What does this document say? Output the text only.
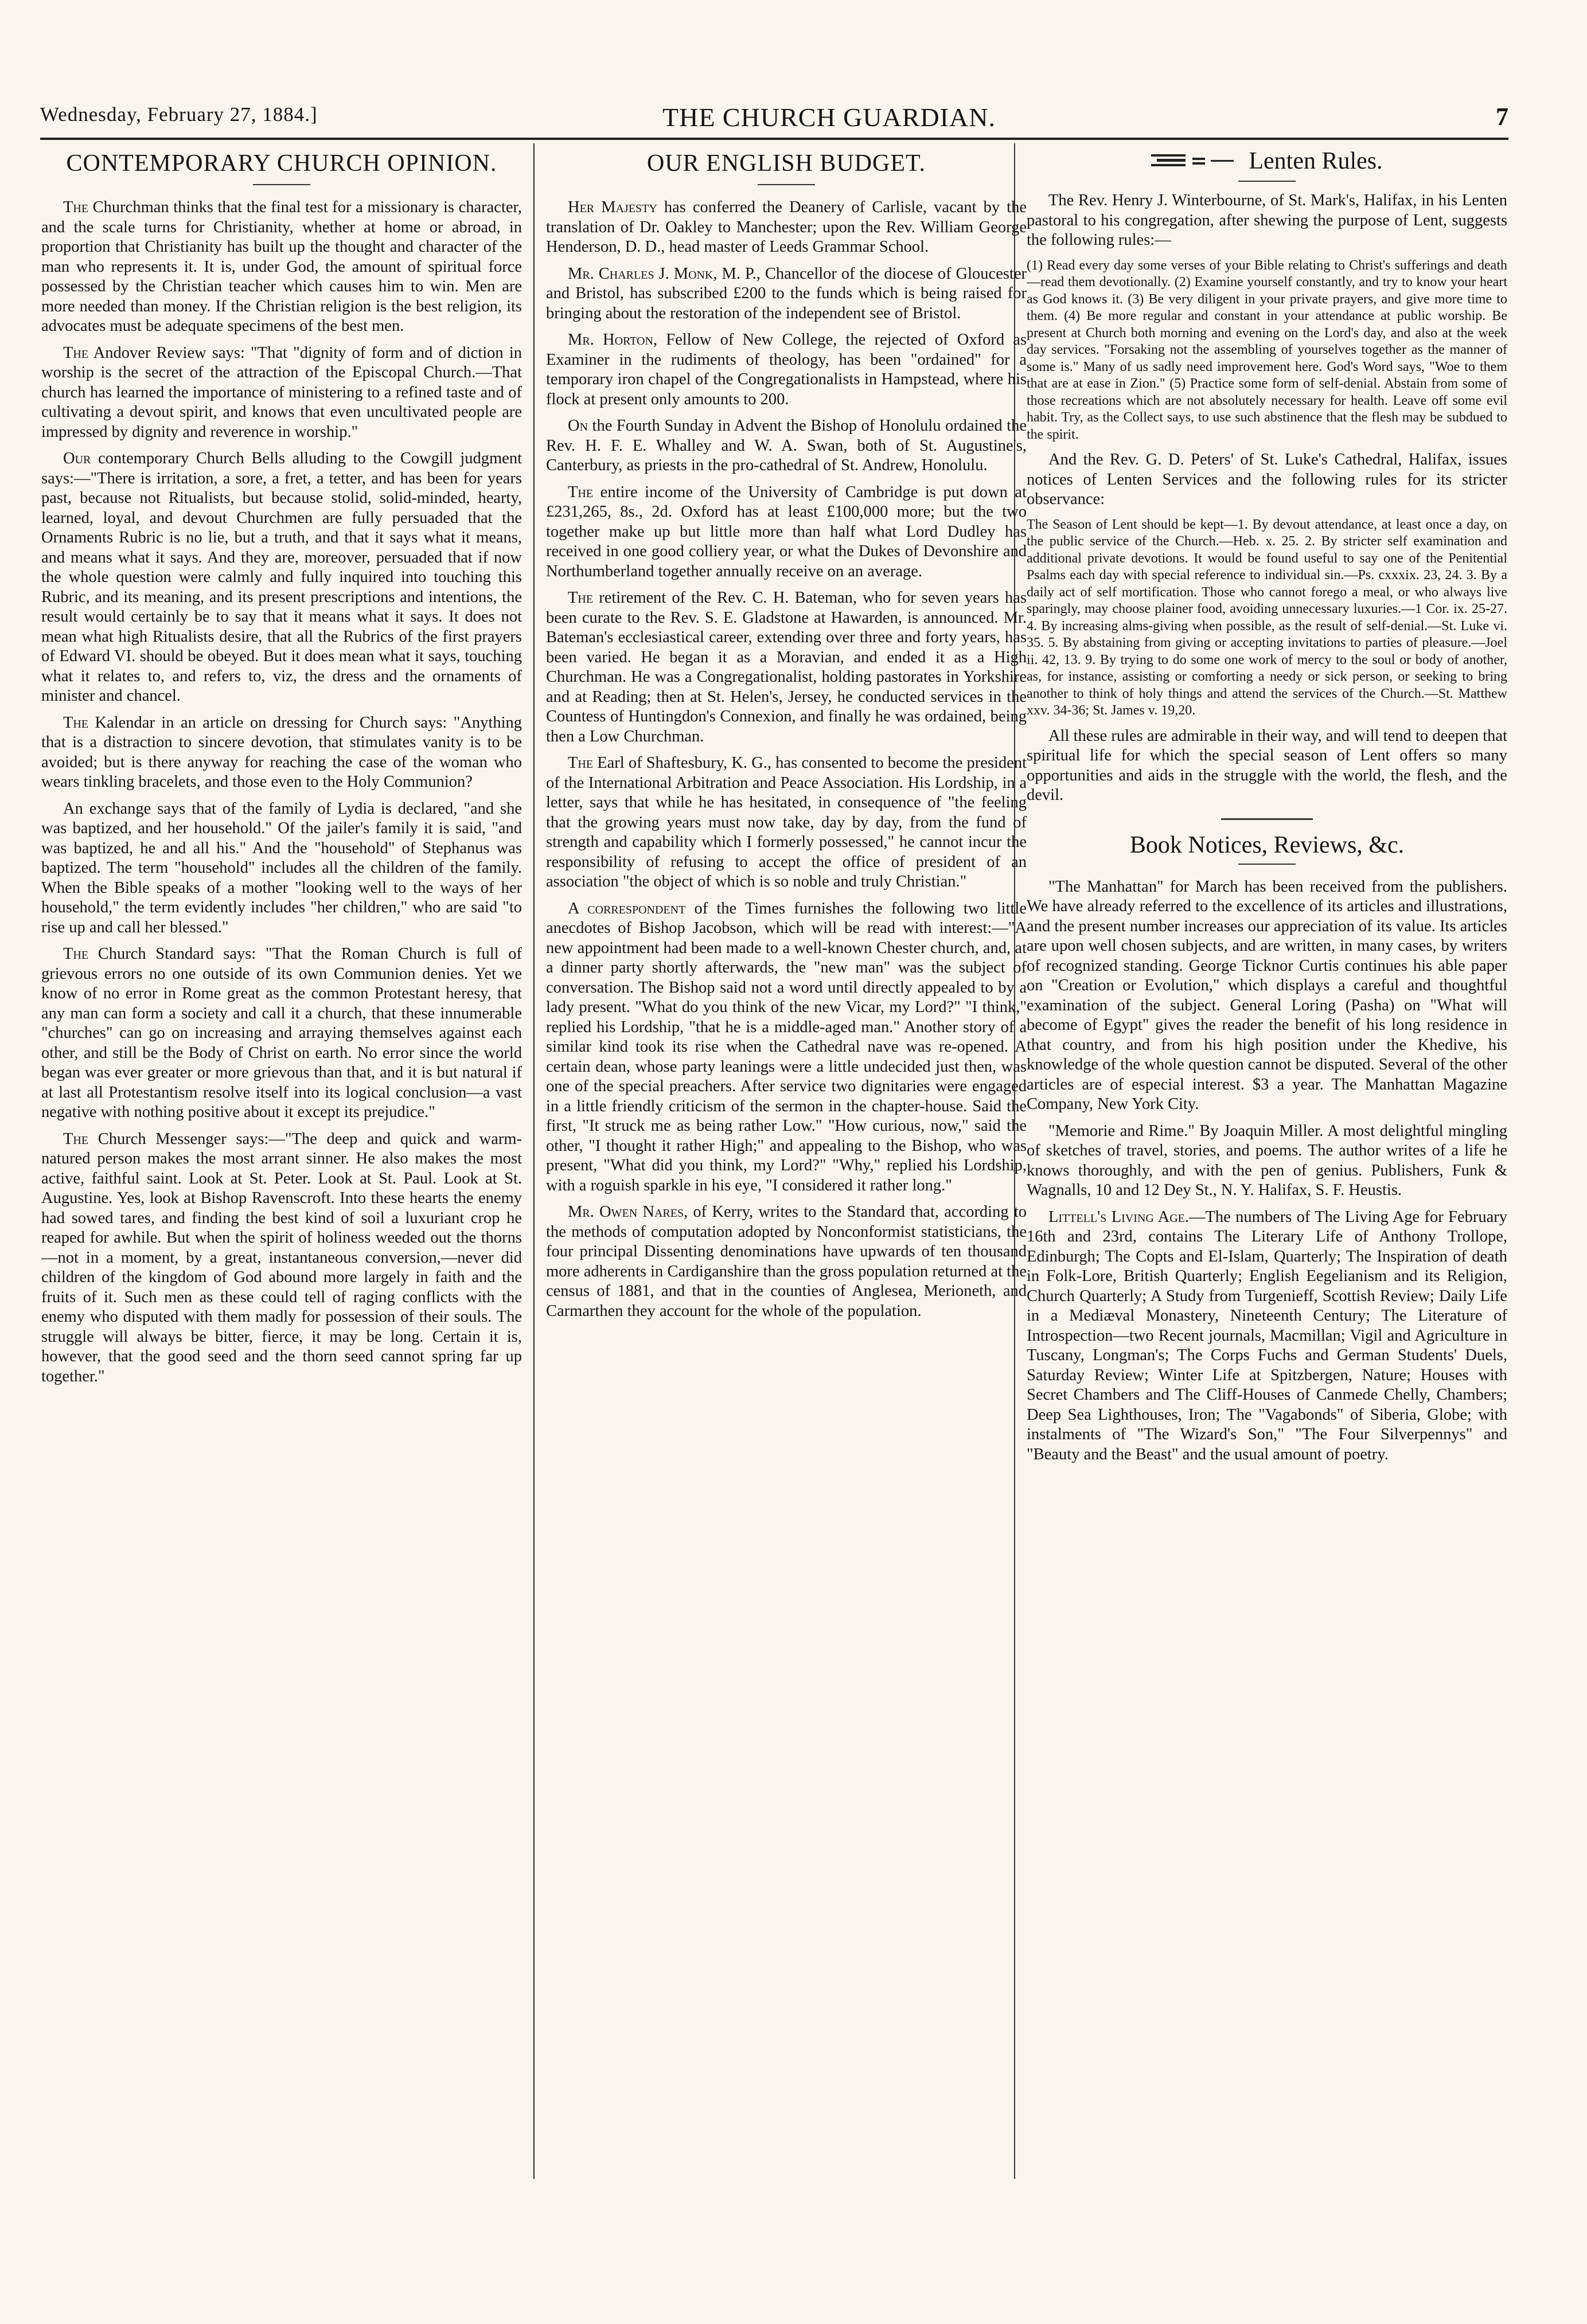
Wednesday, February 27, 1884.]	THE CHURCH GUARDIAN.	7
CONTEMPORARY CHURCH OPINION.

The Churchman thinks that the final test for a missionary is character, and the scale turns for Christianity, whether at home or abroad, in proportion that Christianity has built up the thought and character of the man who represents it. It is, under God, the amount of spiritual force possessed by the Christian teacher which causes him to win. Men are more needed than money. If the Christian religion is the best religion, its advocates must be adequate specimens of the best men.

The Andover Review says: "That "dignity of form and of diction in worship is the secret of the attraction of the Episcopal Church.—That church has learned the importance of ministering to a refined taste and of cultivating a devout spirit, and knows that even uncultivated people are impressed by dignity and reverence in worship."

Our contemporary Church Bells alluding to the Cowgill judgment says:—"There is irritation, a sore, a fret, a tetter, and has been for years past, because not Ritualists, but because stolid, solid-minded, hearty, learned, loyal, and devout Churchmen are fully persuaded that the Ornaments Rubric is no lie, but a truth, and that it says what it means, and means what it says. And they are, moreover, persuaded that if now the whole question were calmly and fully inquired into touching this Rubric, and its meaning, and its present prescriptions and intentions, the result would certainly be to say that it means what it says. It does not mean what high Ritualists desire, that all the Rubrics of the first prayers of Edward VI. should be obeyed. But it does mean what it says, touching what it relates to, and refers to, viz, the dress and the ornaments of minister and chancel.

The Kalendar in an article on dressing for Church says: "Anything that is a distraction to sincere devotion, that stimulates vanity is to be avoided; but is there anyway for reaching the case of the woman who wears tinkling bracelets, and those even to the Holy Communion?

An exchange says that of the family of Lydia is declared, "and she was baptized, and her household." Of the jailer's family it is said, "and was baptized, he and all his." And the "household" of Stephanus was baptized. The term "household" includes all the children of the family. When the Bible speaks of a mother "looking well to the ways of her household," the term evidently includes "her children," who are said "to rise up and call her blessed."

The Church Standard says: "That the Roman Church is full of grievous errors no one outside of its own Communion denies. Yet we know of no error in Rome great as the common Protestant heresy, that any man can form a society and call it a church, that these innumerable "churches" can go on increasing and arraying themselves against each other, and still be the Body of Christ on earth. No error since the world began was ever greater or more grievous than that, and it is but natural if at last all Protestantism resolve itself into its logical conclusion—a vast negative with nothing positive about it except its prejudice."

The Church Messenger says:—"The deep and quick and warm-natured person makes the most arrant sinner. He also makes the most active, faithful saint. Look at St. Peter. Look at St. Paul. Look at St. Augustine. Yes, look at Bishop Ravenscroft. Into these hearts the enemy had sowed tares, and finding the best kind of soil a luxuriant crop he reaped for awhile. But when the spirit of holiness weeded out the thorns—not in a moment, by a great, instantaneous conversion,—never did children of the kingdom of God abound more largely in faith and the fruits of it. Such men as these could tell of raging conflicts with the enemy who disputed with them madly for possession of their souls. The struggle will always be bitter, fierce, it may be long. Certain it is, however, that the good seed and the thorn seed cannot spring far up together."

OUR ENGLISH BUDGET.

Her Majesty has conferred the Deanery of Carlisle, vacant by the translation of Dr. Oakley to Manchester; upon the Rev. William George Henderson, D. D., head master of Leeds Grammar School.

Mr. Charles J. Monk, M. P., Chancellor of the diocese of Gloucester and Bristol, has subscribed £200 to the funds which is being raised for bringing about the restoration of the independent see of Bristol.

Mr. Horton, Fellow of New College, the rejected of Oxford as Examiner in the rudiments of theology, has been "ordained" for a temporary iron chapel of the Congregationalists in Hampstead, where his flock at present only amounts to 200.

On the Fourth Sunday in Advent the Bishop of Honolulu ordained the Rev. H. F. E. Whalley and W. A. Swan, both of St. Augustine's, Canterbury, as priests in the pro-cathedral of St. Andrew, Honolulu.

The entire income of the University of Cambridge is put down at £231,265, 8s., 2d. Oxford has at least £100,000 more; but the two together make up but little more than half what Lord Dudley has received in one good colliery year, or what the Dukes of Devonshire and Northumberland together annually receive on an average.

The retirement of the Rev. C. H. Bateman, who for seven years has been curate to the Rev. S. E. Gladstone at Hawarden, is announced. Mr. Bateman's ecclesiastical career, extending over three and forty years, has been varied. He began it as a Moravian, and ended it as a High Churchman. He was a Congregationalist, holding pastorates in Yorkshire and at Reading; then at St. Helen's, Jersey, he conducted services in the Countess of Huntingdon's Connexion, and finally he was ordained, being then a Low Churchman.

The Earl of Shaftesbury, K. G., has consented to become the president of the International Arbitration and Peace Association. His Lordship, in a letter, says that while he has hesitated, in consequence of "the feeling that the growing years must now take, day by day, from the fund of strength and capability which I formerly possessed," he cannot incur the responsibility of refusing to accept the office of president of an association "the object of which is so noble and truly Christian."

A correspondent of the Times furnishes the following two little anecdotes of Bishop Jacobson, which will be read with interest:—"A new appointment had been made to a well-known Chester church, and, at a dinner party shortly afterwards, the "new man" was the subject of conversation. The Bishop said not a word until directly appealed to by a lady present. "What do you think of the new Vicar, my Lord?" "I think," replied his Lordship, "that he is a middle-aged man." Another story of a similar kind took its rise when the Cathedral nave was re-opened. A certain dean, whose party leanings were a little undecided just then, was one of the special preachers. After service two dignitaries were engaged in a little friendly criticism of the sermon in the chapter-house. Said the first, "It struck me as being rather Low." "How curious, now," said the other, "I thought it rather High;" and appealing to the Bishop, who was present, "What did you think, my Lord?" "Why," replied his Lordship, with a roguish sparkle in his eye, "I considered it rather long."

Mr. Owen Nares, of Kerry, writes to the Standard that, according to the methods of computation adopted by Nonconformist statisticians, the four principal Dissenting denominations have upwards of ten thousand more adherents in Cardiganshire than the gross population returned at the census of 1881, and that in the counties of Anglesea, Merioneth, and Carmarthen they account for the whole of the population.

Lenten Rules.

The Rev. Henry J. Winterbourne, of St. Mark's, Halifax, in his Lenten pastoral to his congregation, after shewing the purpose of Lent, suggests the following rules:—

(1) Read every day some verses of your Bible relating to Christ's sufferings and death—read them devotionally. (2) Examine yourself constantly, and try to know your heart as God knows it. (3) Be very diligent in your private prayers, and give more time to them. (4) Be more regular and constant in your attendance at public worship. Be present at Church both morning and evening on the Lord's day, and also at the week day services. "Forsaking not the assembling of yourselves together as the manner of some is." Many of us sadly need improvement here. God's Word says, "Woe to them that are at ease in Zion." (5) Practice some form of self-denial. Abstain from some of those recreations which are not absolutely necessary for health. Leave off some evil habit. Try, as the Collect says, to use such abstinence that the flesh may be subdued to the spirit.

And the Rev. G. D. Peters' of St. Luke's Cathedral, Halifax, issues notices of Lenten Services and the following rules for its stricter observance:

The Season of Lent should be kept—1. By devout attendance, at least once a day, on the public service of the Church.—Heb. x. 25. 2. By stricter self examination and additional private devotions. It would be found useful to say one of the Penitential Psalms each day with special reference to individual sin.—Ps. cxxxix. 23, 24. 3. By a daily act of self mortification. Those who cannot forego a meal, or who always live sparingly, may choose plainer food, avoiding unnecessary luxuries.—1 Cor. ix. 25-27. 4. By increasing alms-giving when possible, as the result of self-denial.—St. Luke vi. 35. 5. By abstaining from giving or accepting invitations to parties of pleasure.—Joel ii. 42, 13. 9. By trying to do some one work of mercy to the soul or body of another, as, for instance, assisting or comforting a needy or sick person, or seeking to bring another to think of holy things and attend the services of the Church.—St. Matthew xxv. 34-36; St. James v. 19,20.

All these rules are admirable in their way, and will tend to deepen that spiritual life for which the special season of Lent offers so many opportunities and aids in the struggle with the world, the flesh, and the devil.

Book Notices, Reviews, &c.

"The Manhattan" for March has been received from the publishers. We have already referred to the excellence of its articles and illustrations, and the present number increases our appreciation of its value. Its articles are upon well chosen subjects, and are written, in many cases, by writers of recognized standing. George Ticknor Curtis continues his able paper on "Creation or Evolution," which displays a careful and thoughtful examination of the subject. General Loring (Pasha) on "What will become of Egypt" gives the reader the benefit of his long residence in that country, and from his high position under the Khedive, his knowledge of the whole question cannot be disputed. Several of the other articles are of especial interest. $3 a year. The Manhattan Magazine Company, New York City.

"Memorie and Rime." By Joaquin Miller. A most delightful mingling of sketches of travel, stories, and poems. The author writes of a life he knows thoroughly, and with the pen of genius. Publishers, Funk & Wagnalls, 10 and 12 Dey St., N. Y. Halifax, S. F. Heustis.

Littell's Living Age.—The numbers of The Living Age for February 16th and 23rd, contains The Literary Life of Anthony Trollope, Edinburgh; The Copts and El-Islam, Quarterly; The Inspiration of death in Folk-Lore, British Quarterly; English Eegelianism and its Religion, Church Quarterly; A Study from Turgenieff, Scottish Review; Daily Life in a Mediæval Monastery, Nineteenth Century; The Literature of Introspection—two Recent journals, Macmillan; Vigil and Agriculture in Tuscany, Longman's; The Corps Fuchs and German Students' Duels, Saturday Review; Winter Life at Spitzbergen, Nature; Houses with Secret Chambers and The Cliff-Houses of Canmede Chelly, Chambers; Deep Sea Lighthouses, Iron; The "Vagabonds" of Siberia, Globe; with instalments of "The Wizard's Son," "The Four Silverpennys" and "Beauty and the Beast" and the usual amount of poetry.
